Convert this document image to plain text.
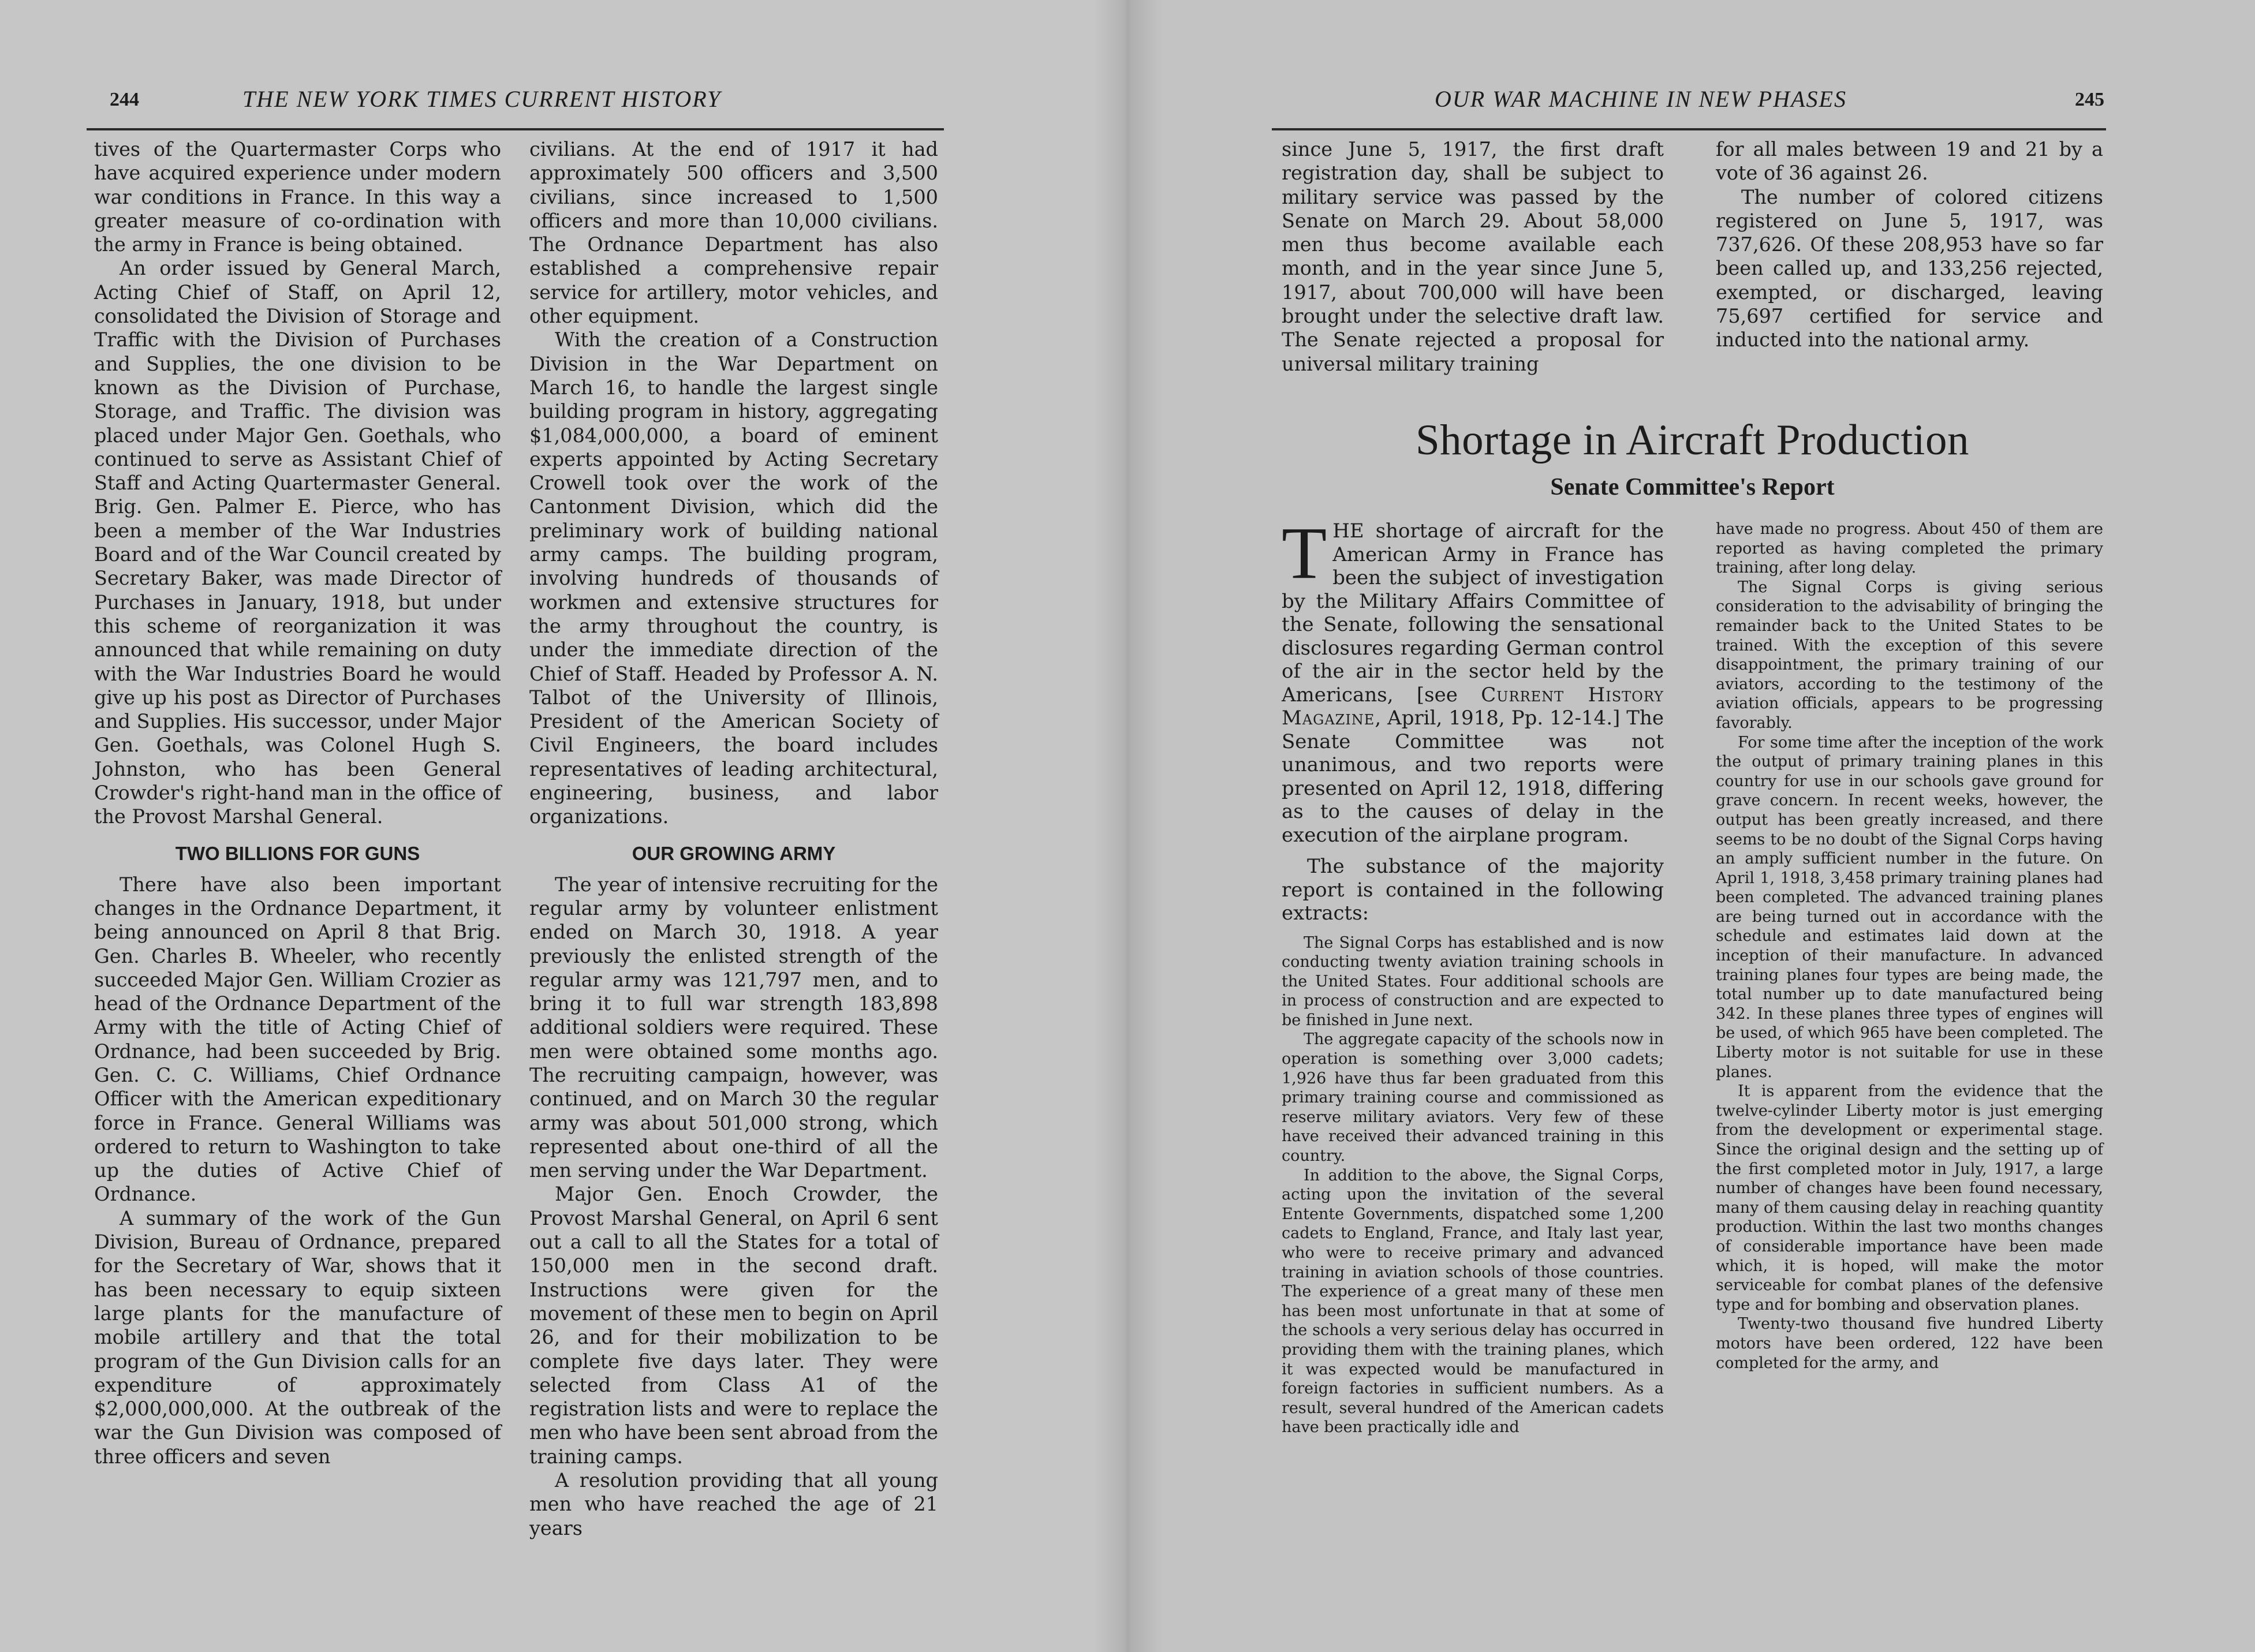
244	THE NEW YORK TIMES CURRENT HISTORY

tives of the Quartermaster Corps who have acquired experience under modern war conditions in France. In this way a greater measure of co-ordination with the army in France is being obtained.

An order issued by General March, Acting Chief of Staff, on April 12, consolidated the Division of Storage and Traffic with the Division of Purchases and Supplies, the one division to be known as the Division of Purchase, Storage, and Traffic. The division was placed under Major Gen. Goethals, who continued to serve as Assistant Chief of Staff and Acting Quartermaster General. Brig. Gen. Palmer E. Pierce, who has been a member of the War Industries Board and of the War Council created by Secretary Baker, was made Director of Purchases in January, 1918, but under this scheme of reorganization it was announced that while remaining on duty with the War Industries Board he would give up his post as Director of Purchases and Supplies. His successor, under Major Gen. Goethals, was Colonel Hugh S. Johnston, who has been General Crowder's right-hand man in the office of the Provost Marshal General.

TWO BILLIONS FOR GUNS

There have also been important changes in the Ordnance Department, it being announced on April 8 that Brig. Gen. Charles B. Wheeler, who recently succeeded Major Gen. William Crozier as head of the Ordnance Department of the Army with the title of Acting Chief of Ordnance, had been succeeded by Brig. Gen. C. C. Williams, Chief Ordnance Officer with the American expeditionary force in France. General Williams was ordered to return to Washington to take up the duties of Active Chief of Ordnance.

A summary of the work of the Gun Division, Bureau of Ordnance, prepared for the Secretary of War, shows that it has been necessary to equip sixteen large plants for the manufacture of mobile artillery and that the total program of the Gun Division calls for an expenditure of approximately $2,000,000,000. At the outbreak of the war the Gun Division was composed of three officers and seven

civilians. At the end of 1917 it had approximately 500 officers and 3,500 civilians, since increased to 1,500 officers and more than 10,000 civilians. The Ordnance Department has also established a comprehensive repair service for artillery, motor vehicles, and other equipment.

With the creation of a Construction Division in the War Department on March 16, to handle the largest single building program in history, aggregating $1,084,000,000, a board of eminent experts appointed by Acting Secretary Crowell took over the work of the Cantonment Division, which did the preliminary work of building national army camps. The building program, involving hundreds of thousands of workmen and extensive structures for the army throughout the country, is under the immediate direction of the Chief of Staff. Headed by Professor A. N. Talbot of the University of Illinois, President of the American Society of Civil Engineers, the board includes representatives of leading architectural, engineering, business, and labor organizations.

OUR GROWING ARMY

The year of intensive recruiting for the regular army by volunteer enlistment ended on March 30, 1918. A year previously the enlisted strength of the regular army was 121,797 men, and to bring it to full war strength 183,898 additional soldiers were required. These men were obtained some months ago. The recruiting campaign, however, was continued, and on March 30 the regular army was about 501,000 strong, which represented about one-third of all the men serving under the War Department.

Major Gen. Enoch Crowder, the Provost Marshal General, on April 6 sent out a call to all the States for a total of 150,000 men in the second draft. Instructions were given for the movement of these men to begin on April 26, and for their mobilization to be complete five days later. They were selected from Class A1 of the registration lists and were to replace the men who have been sent abroad from the training camps.

A resolution providing that all young men who have reached the age of 21 years

OUR WAR MACHINE IN NEW PHASES	245

since June 5, 1917, the first draft registration day, shall be subject to military service was passed by the Senate on March 29. About 58,000 men thus become available each month, and in the year since June 5, 1917, about 700,000 will have been brought under the selective draft law. The Senate rejected a proposal for universal military training

for all males between 19 and 21 by a vote of 36 against 26.

The number of colored citizens registered on June 5, 1917, was 737,626. Of these 208,953 have so far been called up, and 133,256 rejected, exempted, or discharged, leaving 75,697 certified for service and inducted into the national army.

Shortage in Aircraft Production
Senate Committee's Report

THE shortage of aircraft for the American Army in France has been the subject of investigation by the Military Affairs Committee of the Senate, following the sensational disclosures regarding German control of the air in the sector held by the Americans, [see Current History Magazine, April, 1918, Pp. 12-14.] The Senate Committee was not unanimous, and two reports were presented on April 12, 1918, differing as to the causes of delay in the execution of the airplane program.

The substance of the majority report is contained in the following extracts:

The Signal Corps has established and is now conducting twenty aviation training schools in the United States. Four additional schools are in process of construction and are expected to be finished in June next.

The aggregate capacity of the schools now in operation is something over 3,000 cadets; 1,926 have thus far been graduated from this primary training course and commissioned as reserve military aviators. Very few of these have received their advanced training in this country.

In addition to the above, the Signal Corps, acting upon the invitation of the several Entente Governments, dispatched some 1,200 cadets to England, France, and Italy last year, who were to receive primary and advanced training in aviation schools of those countries. The experience of a great many of these men has been most unfortunate in that at some of the schools a very serious delay has occurred in providing them with the training planes, which it was expected would be manufactured in foreign factories in sufficient numbers. As a result, several hundred of the American cadets have been practically idle and

have made no progress. About 450 of them are reported as having completed the primary training, after long delay.

The Signal Corps is giving serious consideration to the advisability of bringing the remainder back to the United States to be trained. With the exception of this severe disappointment, the primary training of our aviators, according to the testimony of the aviation officials, appears to be progressing favorably.

For some time after the inception of the work the output of primary training planes in this country for use in our schools gave ground for grave concern. In recent weeks, however, the output has been greatly increased, and there seems to be no doubt of the Signal Corps having an amply sufficient number in the future. On April 1, 1918, 3,458 primary training planes had been completed. The advanced training planes are being turned out in accordance with the schedule and estimates laid down at the inception of their manufacture. In advanced training planes four types are being made, the total number up to date manufactured being 342. In these planes three types of engines will be used, of which 965 have been completed. The Liberty motor is not suitable for use in these planes.

It is apparent from the evidence that the twelve-cylinder Liberty motor is just emerging from the development or experimental stage. Since the original design and the setting up of the first completed motor in July, 1917, a large number of changes have been found necessary, many of them causing delay in reaching quantity production. Within the last two months changes of considerable importance have been made which, it is hoped, will make the motor serviceable for combat planes of the defensive type and for bombing and observation planes.

Twenty-two thousand five hundred Liberty motors have been ordered, 122 have been completed for the army, and
